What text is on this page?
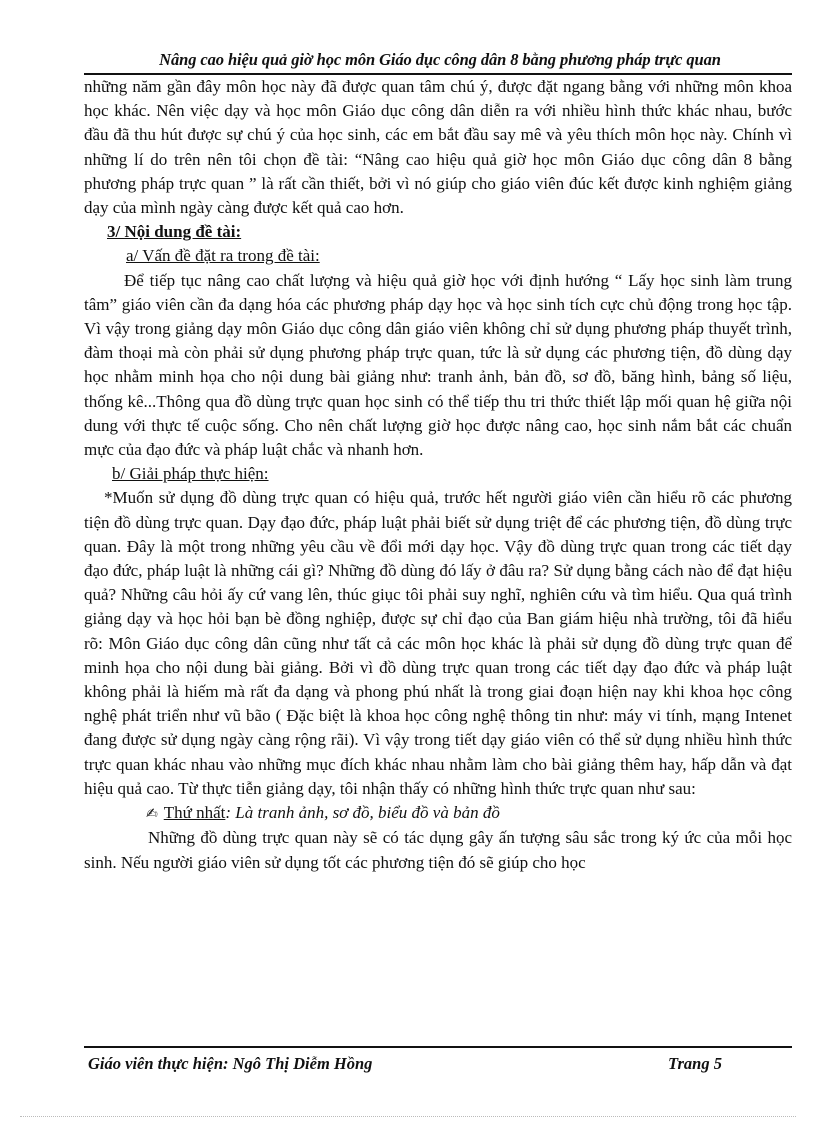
Nâng cao hiệu quả giờ học môn Giáo dục công dân 8 bằng phương pháp trực quan

những năm gần đây môn học này đã được quan tâm chú ý, được đặt ngang bằng với những môn khoa học khác. Nên việc dạy và học môn Giáo dục công dân diễn ra với nhiều hình thức khác nhau, bước đầu đã thu hút được sự chú ý của học sinh, các em bắt đầu say mê và yêu thích môn học này. Chính vì những lí do trên nên tôi chọn đề tài: “Nâng cao hiệu quả giờ học môn Giáo dục công dân 8 bằng phương pháp trực quan ” là rất cần thiết, bởi vì nó giúp cho giáo viên đúc kết được kinh nghiệm giảng dạy của mình ngày càng được kết quả cao hơn.

3/ Nội dung đề tài:

a/ Vấn đề đặt ra trong đề tài:

Để tiếp tục nâng cao chất lượng và hiệu quả giờ học với định hướng “ Lấy học sinh làm trung tâm” giáo viên cần đa dạng hóa các phương pháp dạy học và học sinh tích cực chủ động trong học tập. Vì vậy trong giảng dạy môn Giáo dục công dân giáo viên không chỉ sử dụng phương pháp thuyết trình, đàm thoại mà còn phải sử dụng phương pháp trực quan, tức là sử dụng các phương tiện, đồ dùng dạy học nhằm minh họa cho nội dung bài giảng như: tranh ảnh, bản đồ, sơ đồ, băng hình, bảng số liệu, thống kê...Thông qua đồ dùng trực quan học sinh có thể tiếp thu tri thức thiết lập mối quan hệ giữa nội dung với thực tế cuộc sống. Cho nên chất lượng giờ học được nâng cao, học sinh nắm bắt các chuẩn mực của đạo đức và pháp luật chắc và nhanh hơn.

b/ Giải pháp thực hiện:

*Muốn sử dụng đồ dùng trực quan có hiệu quả, trước hết người giáo viên cần hiểu rõ các phương tiện đồ dùng trực quan. Dạy đạo đức, pháp luật phải biết sử dụng triệt để các phương tiện, đồ dùng trực quan. Đây là một trong những yêu cầu về đổi mới dạy học. Vậy đồ dùng trực quan trong các tiết dạy đạo đức, pháp luật là những cái gì? Những đồ dùng đó lấy ở đâu ra? Sử dụng bằng cách nào để đạt hiệu quả? Những câu hỏi ấy cứ vang lên, thúc giục tôi phải suy nghĩ, nghiên cứu và tìm hiểu. Qua quá trình giảng dạy và học hỏi bạn bè đồng nghiệp, được sự chỉ đạo của Ban giám hiệu nhà trường, tôi đã hiểu rõ: Môn Giáo dục công dân cũng như tất cả các môn học khác là phải sử dụng đồ dùng trực quan để minh họa cho nội dung bài giảng. Bởi vì đồ dùng trực quan trong các tiết dạy đạo đức và pháp luật không phải là hiếm mà rất đa dạng và phong phú nhất là trong giai đoạn hiện nay khi khoa học công nghệ phát triển như vũ bão ( Đặc biệt là khoa học công nghệ thông tin như: máy vi tính, mạng Intenet đang được sử dụng ngày càng rộng rãi). Vì vậy trong tiết dạy giáo viên có thể sử dụng nhiều hình thức trực quan khác nhau vào những mục đích khác nhau nhằm làm cho bài giảng thêm hay, hấp dẫn và đạt hiệu quả cao. Từ thực tiễn giảng dạy, tôi nhận thấy có những hình thức trực quan như sau:

✍ Thứ nhất: Là tranh ảnh, sơ đồ, biểu đồ và bản đồ

Những đồ dùng trực quan này sẽ có tác dụng gây ấn tượng sâu sắc trong ký ức của mỗi học sinh. Nếu người giáo viên sử dụng tốt các phương tiện đó sẽ giúp cho học

Giáo viên thực hiện: Ngô Thị Diễm Hồng	Trang 5
